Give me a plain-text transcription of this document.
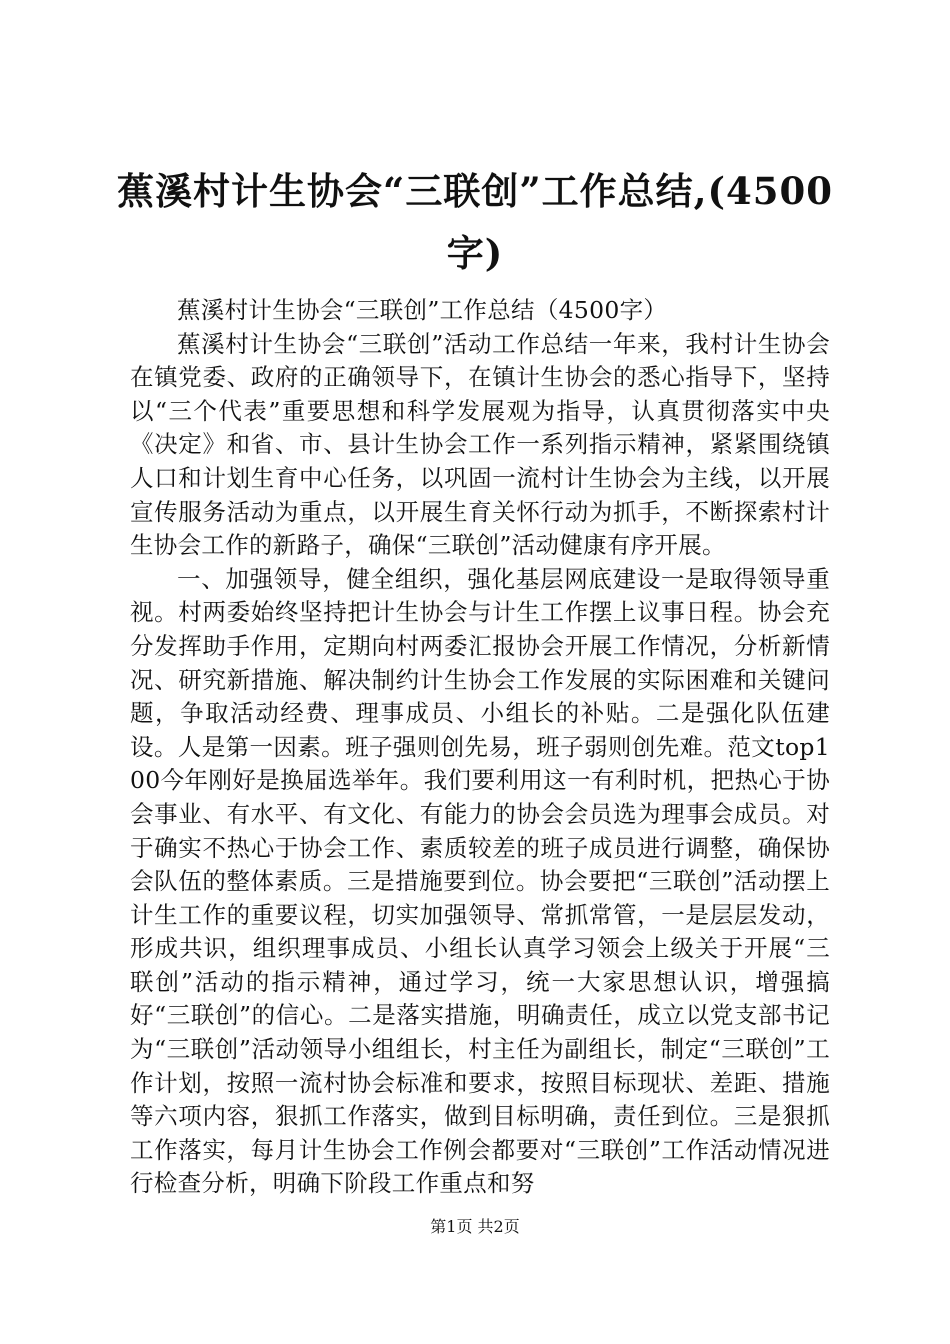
蕉溪村计生协会“三联创”工作总结,(4500字)

蕉溪村计生协会“三联创”工作总结（4500字）

蕉溪村计生协会“三联创”活动工作总结一年来，我村计生协会在镇党委、政府的正确领导下，在镇计生协会的悉心指导下，坚持以“三个代表”重要思想和科学发展观为指导，认真贯彻落实中央《决定》和省、市、县计生协会工作一系列指示精神，紧紧围绕镇人口和计划生育中心任务，以巩固一流村计生协会为主线，以开展宣传服务活动为重点，以开展生育关怀行动为抓手，不断探索村计生协会工作的新路子，确保“三联创”活动健康有序开展。

一、加强领导，健全组织，强化基层网底建设一是取得领导重视。村两委始终坚持把计生协会与计生工作摆上议事日程。协会充分发挥助手作用，定期向村两委汇报协会开展工作情况，分析新情况、研究新措施、解决制约计生协会工作发展的实际困难和关键问题，争取活动经费、理事成员、小组长的补贴。二是强化队伍建设。人是第一因素。班子强则创先易，班子弱则创先难。范文top100今年刚好是换届选举年。我们要利用这一有利时机，把热心于协会事业、有水平、有文化、有能力的协会会员选为理事会成员。对于确实不热心于协会工作、素质较差的班子成员进行调整，确保协会队伍的整体素质。三是措施要到位。协会要把“三联创”活动摆上计生工作的重要议程，切实加强领导、常抓常管，一是层层发动，形成共识，组织理事成员、小组长认真学习领会上级关于开展“三联创”活动的指示精神，通过学习，统一大家思想认识，增强搞好“三联创”的信心。二是落实措施，明确责任，成立以党支部书记为“三联创”活动领导小组组长，村主任为副组长，制定“三联创”工作计划，按照一流村协会标准和要求，按照目标现状、差距、措施等六项内容，狠抓工作落实，做到目标明确，责任到位。三是狠抓工作落实，每月计生协会工作例会都要对“三联创”工作活动情况进行检查分析，明确下阶段工作重点和努

第1页 共2页
